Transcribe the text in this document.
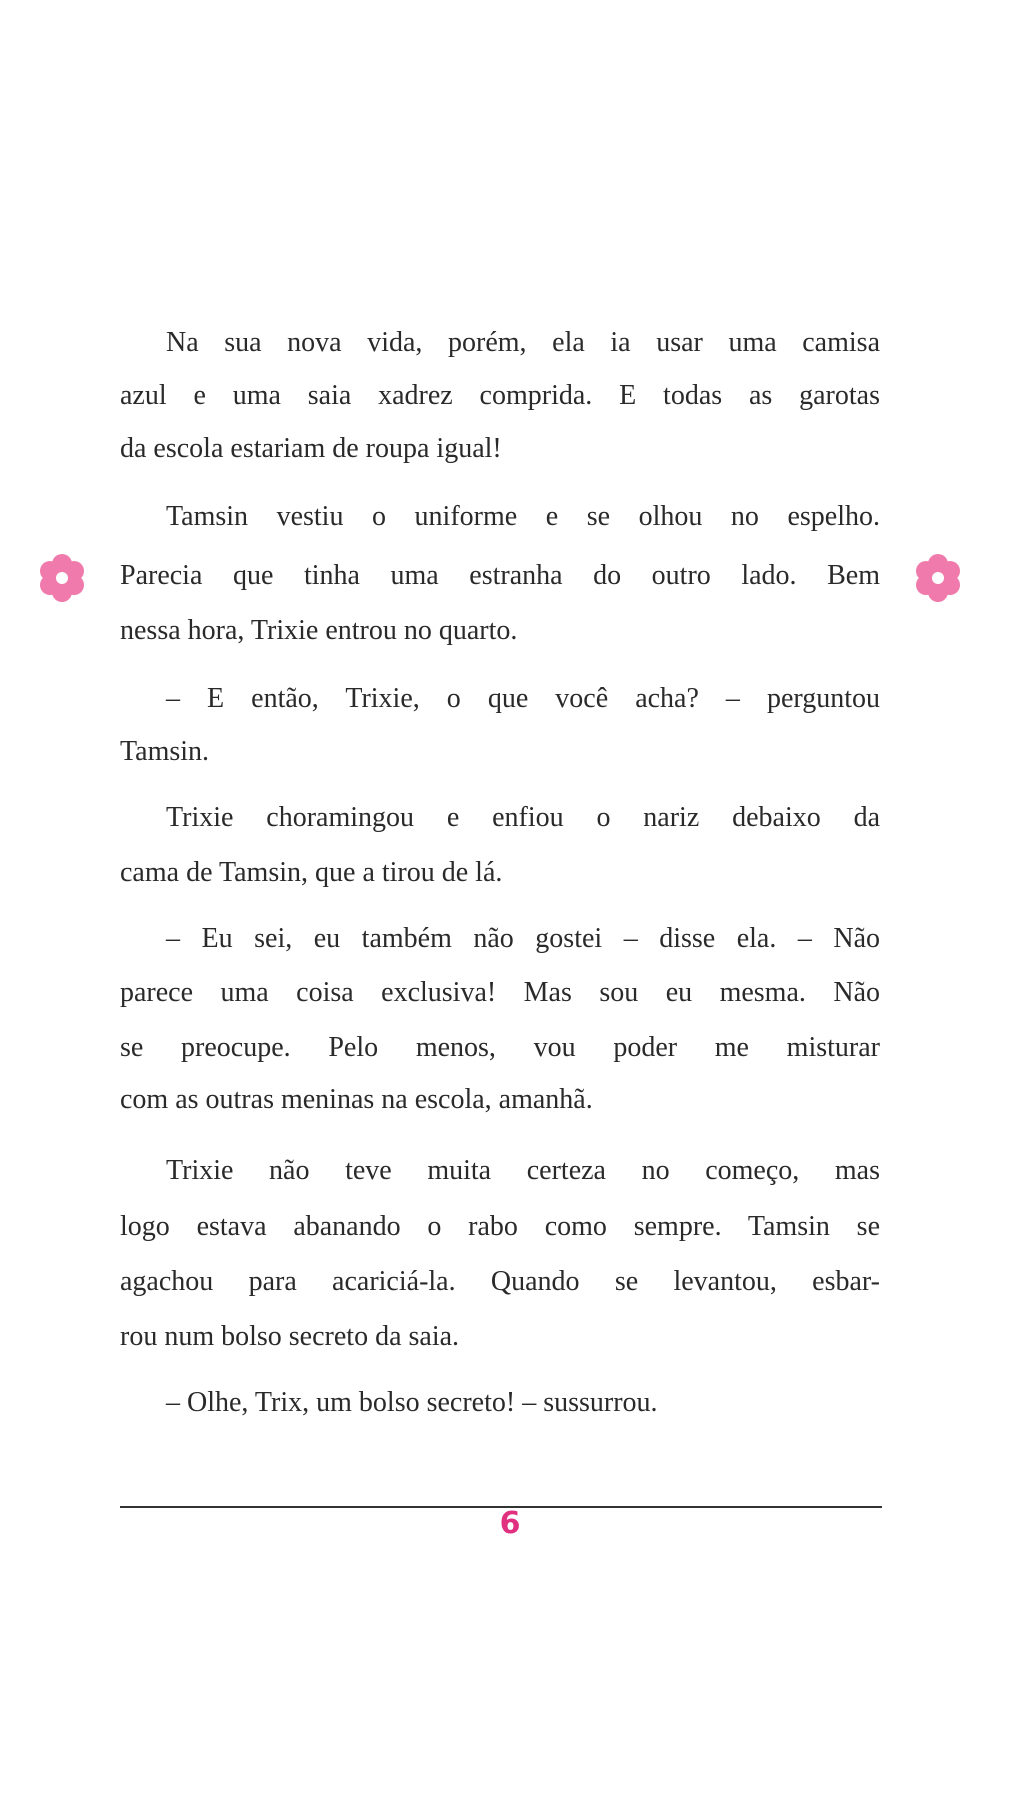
Na sua nova vida, porém, ela ia usar uma camisa
azul e uma saia xadrez comprida. E todas as garotas
da escola estariam de roupa igual!
Tamsin vestiu o uniforme e se olhou no espelho.
Parecia que tinha uma estranha do outro lado. Bem
nessa hora, Trixie entrou no quarto.
– E então, Trixie, o que você acha? – perguntou
Tamsin.
Trixie choramingou e enfiou o nariz debaixo da
cama de Tamsin, que a tirou de lá.
– Eu sei, eu também não gostei – disse ela. – Não
parece uma coisa exclusiva! Mas sou eu mesma. Não
se preocupe. Pelo menos, vou poder me misturar
com as outras meninas na escola, amanhã.
Trixie não teve muita certeza no começo, mas
logo estava abanando o rabo como sempre. Tamsin se
agachou para acariciá-la. Quando se levantou, esbar-
rou num bolso secreto da saia.
– Olhe, Trix, um bolso secreto! – sussurrou.
6
